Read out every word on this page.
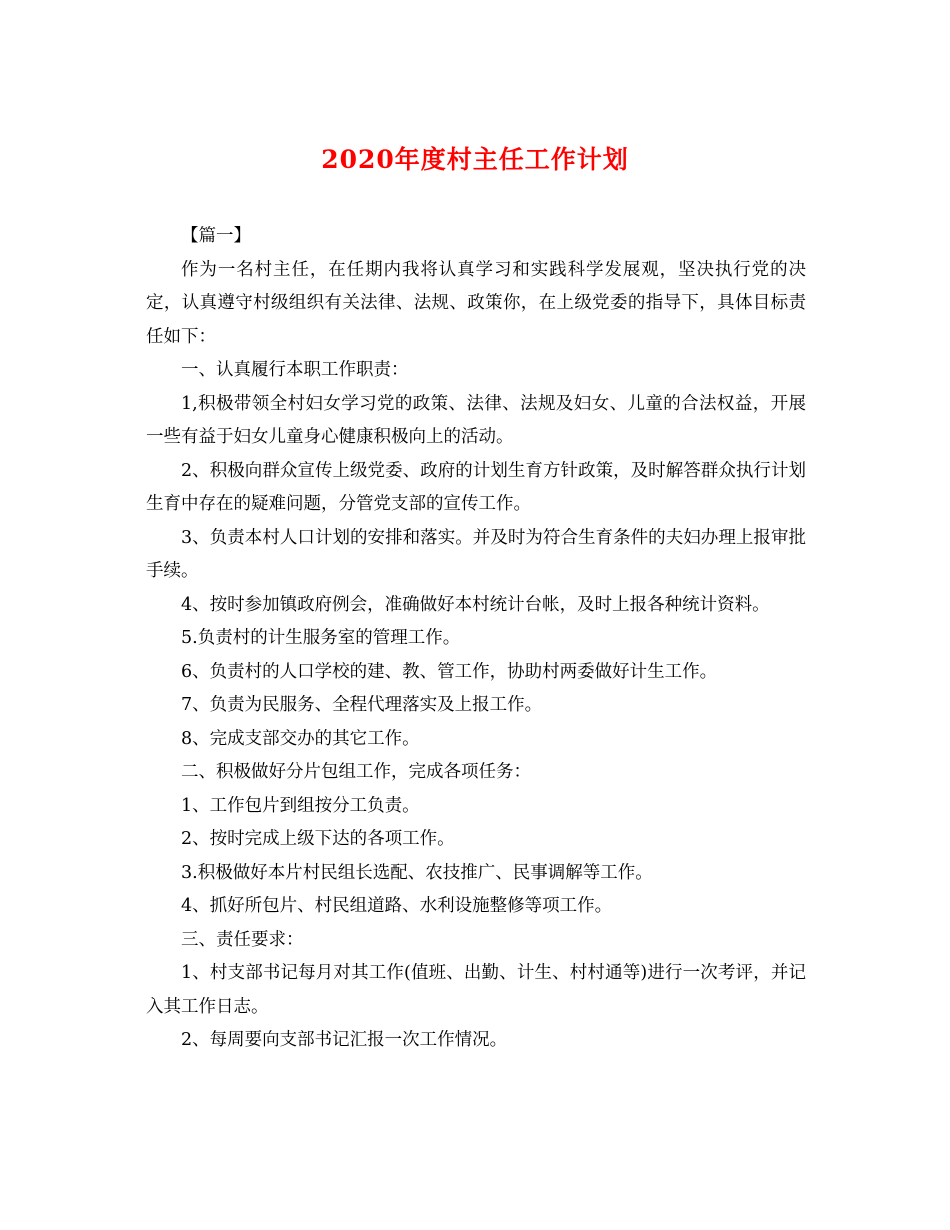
2020年度村主任工作计划

【篇一】

作为一名村主任，在任期内我将认真学习和实践科学发展观，坚决执行党的决定，认真遵守村级组织有关法律、法规、政策你，在上级党委的指导下，具体目标责任如下：

一、认真履行本职工作职责：

1,积极带领全村妇女学习党的政策、法律、法规及妇女、儿童的合法权益，开展一些有益于妇女儿童身心健康积极向上的活动。

2、积极向群众宣传上级党委、政府的计划生育方针政策，及时解答群众执行计划生育中存在的疑难问题，分管党支部的宣传工作。

3、负责本村人口计划的安排和落实。并及时为符合生育条件的夫妇办理上报审批手续。

4、按时参加镇政府例会，准确做好本村统计台帐，及时上报各种统计资料。

5.负责村的计生服务室的管理工作。

6、负责村的人口学校的建、教、管工作，协助村两委做好计生工作。

7、负责为民服务、全程代理落实及上报工作。

8、完成支部交办的其它工作。

二、积极做好分片包组工作，完成各项任务：

1、工作包片到组按分工负责。

2、按时完成上级下达的各项工作。

3.积极做好本片村民组长选配、农技推广、民事调解等工作。

4、抓好所包片、村民组道路、水利设施整修等项工作。

三、责任要求：

1、村支部书记每月对其工作(值班、出勤、计生、村村通等)进行一次考评，并记入其工作日志。

2、每周要向支部书记汇报一次工作情况。
